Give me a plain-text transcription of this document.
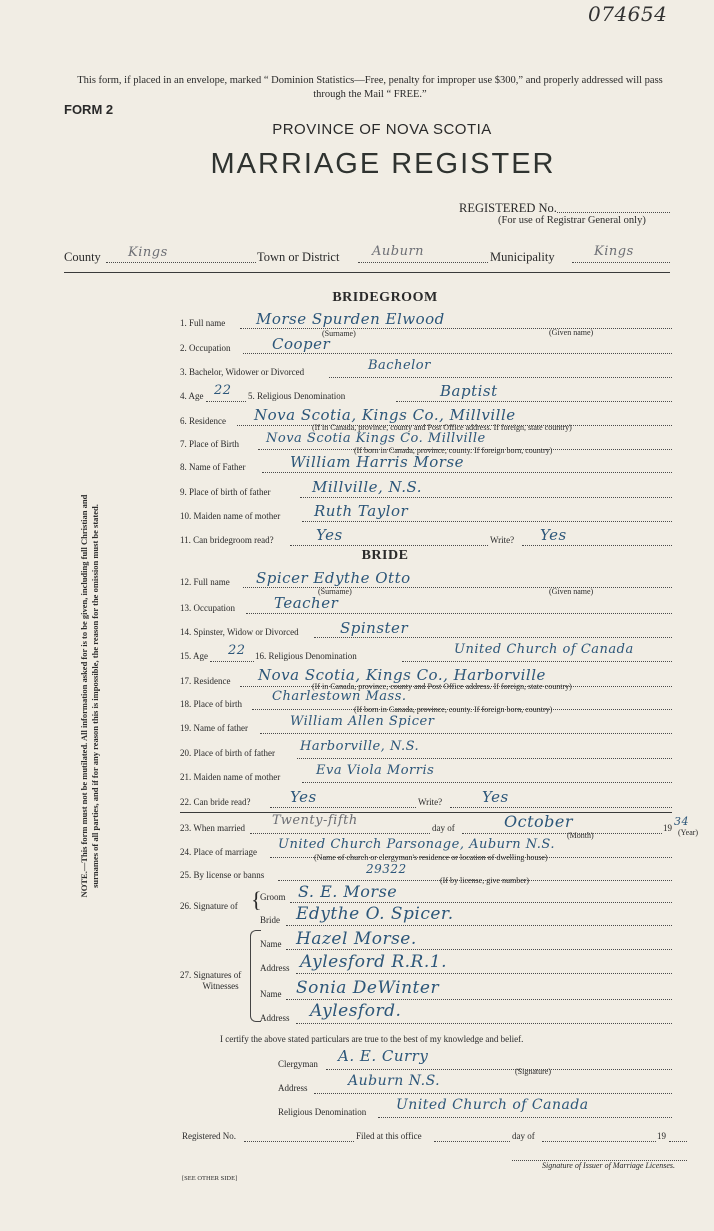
074654
This form, if placed in an envelope, marked “ Dominion Statistics—Free, penalty for improper use $300,” and properly addressed will pass through the Mail “ FREE.”
FORM 2
PROVINCE OF NOVA SCOTIA
MARRIAGE REGISTER
REGISTERED No.
(For use of Registrar General only)
County Kings	Town or District	Auburn	Municipality	Kings
NOTE.—This form must not be mutilated. All information asked for is to be given, including full Christian and surnames of all parties, and if for any reason this is impossible, the reason for the omission must be stated.
BRIDEGROOM
1. Full name Morse Spurden Elwood
(Surname)	(Given name)
2. Occupation	Cooper
3. Bachelor, Widower or Divorced	Bachelor
4. Age 22 5. Religious Denomination	Baptist
6. Residence Nova Scotia, Kings Co., Millville
(If in Canada, province, county and Post Office address. If foreign, state country)
7. Place of Birth Nova Scotia Kings Co. Millville
(If born in Canada, province, county. If foreign born, country)
8. Name of Father	William Harris Morse
9. Place of birth of father	Millville, N.S.
10. Maiden name of mother Ruth Taylor
11. Can bridegroom read?	Yes	Write? Yes
BRIDE
12. Full name Spicer Edythe Otto
(Surname)	(Given name)
13. Occupation	Teacher
14. Spinster, Widow or Divorced	Spinster
15. Age 22 16. Religious Denomination	United Church of Canada
17. Residence Nova Scotia, Kings Co., Harborville
(If in Canada, province, county and Post Office address. If foreign, state country)
18. Place of birth Charlestown Mass.
(If born in Canada, province, county. If foreign born, country)
19. Name of father	William Allen Spicer
20. Place of birth of father Harborville, N.S.
21. Maiden name of mother	Eva Viola Morris
22. Can bride read?	Yes	Write?	Yes
23. When married Twenty-fifth	day of	October
(Month)
19 34
(Year)
24. Place of marriage United Church Parsonage, Auburn N.S.
(Name of church or clergyman's residence or location of dwelling house)
25. By license or banns	29322
(If by license, give number)
26. Signature of {
Groom S. E. Morse
Bride Edythe O. Spicer.
27. Signatures of
Witnesses
Name Hazel Morse.
Address Aylesford R.R.1.
Name Sonia DeWinter
Address Aylesford.
I certify the above stated particulars are true to the best of my knowledge and belief.
Clergyman A. E. Curry
(Signature)
Address	Auburn N.S.
Religious Denomination United Church of Canada
Registered No.	Filed at this office	day of	19
Signature of Issuer of Marriage Licenses.
[SEE OTHER SIDE]
